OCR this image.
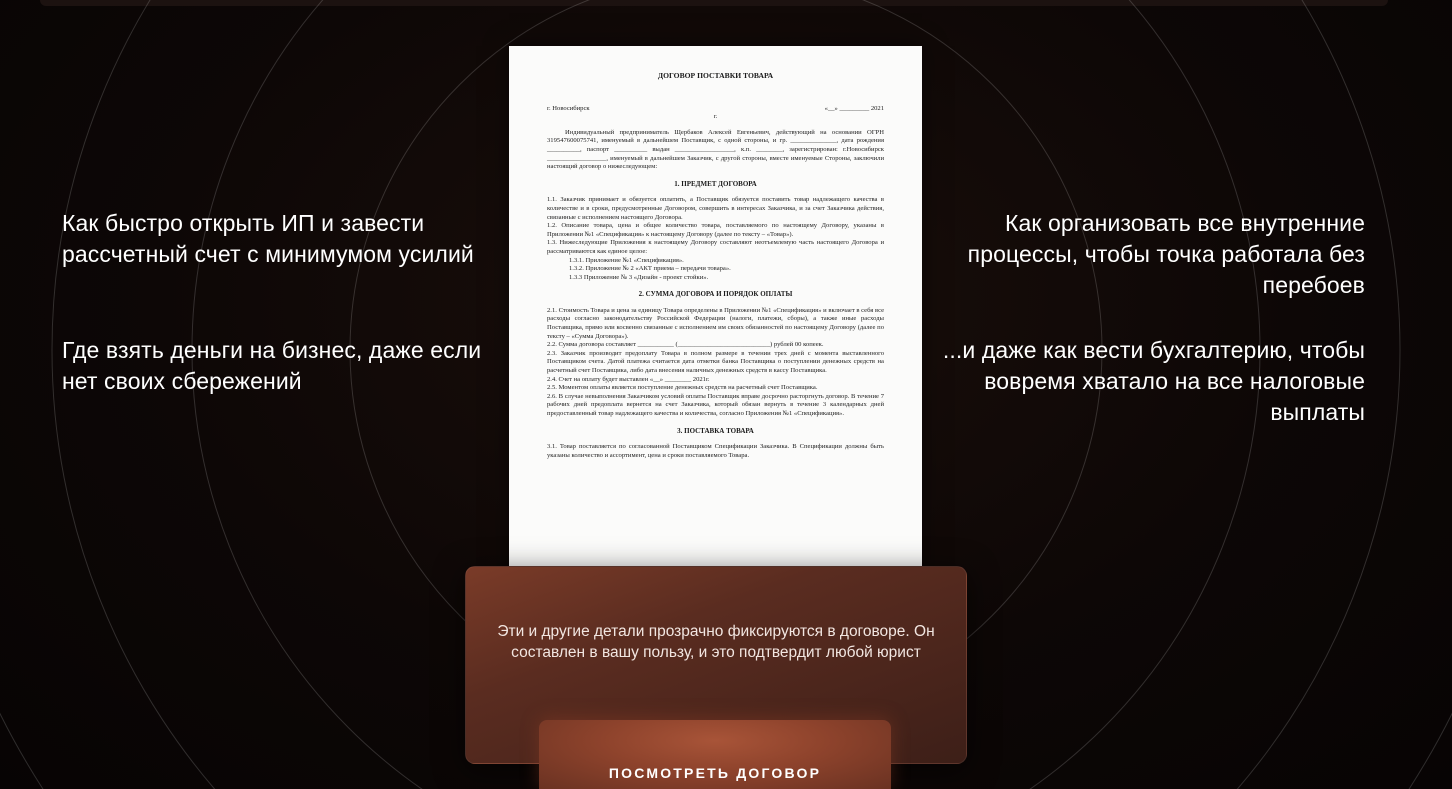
Как быстро открыть ИП и завести рассчетный счет с минимумом усилий
Где взять деньги на бизнес, даже если нет своих сбережений
Как организовать все внутренние процессы, чтобы точка работала без перебоев
...и даже как вести бухгалтерию, чтобы вовремя хватало на все налоговые выплаты
ДОГОВОР ПОСТАВКИ ТОВАРА
г. Новосибирск	«__» _________ 2021
г.

Индивидуальный предприниматель Щербаков Алексей Евгеньевич, действующий на основании ОГРН 319547600075741, именуемый в дальнейшем Поставщик, с одной стороны, и гр. ______________, дата рождения __________, паспорт __________ выдан __________________, к.п. ________, зарегистрирован: г.Новосибирск __________________, именуемый в дальнейшем Заказчик, с другой стороны, вместе именуемые Стороны, заключили настоящий договор о нижеследующем:

1. ПРЕДМЕТ ДОГОВОРА

1.1. Заказчик принимает и обязуется оплатить, а Поставщик обязуется поставить товар надлежащего качества в количестве и в сроки, предусмотренные Договором, совершить в интересах Заказчика, и за счет Заказчика действия, связанные с исполнением настоящего Договора.

1.2. Описание товара, цена и общее количество товара, поставляемого по настоящему Договору, указаны в Приложении №1 «Спецификация» к настоящему Договору (далее по тексту – «Товар»).

1.3. Нижеследующие Приложения к настоящему Договору составляют неотъемлемую часть настоящего Договора и рассматриваются как единое целое:

1.3.1. Приложение №1 «Спецификация».

1.3.2. Приложение № 2 «АКТ приема – передачи товара».

1.3.3 Приложение № 3 «Дизайн - проект стойки».

2. СУММА ДОГОВОРА И ПОРЯДОК ОПЛАТЫ

2.1. Стоимость Товара и цена за единицу Товара определены в Приложении №1 «Спецификация» и включает в себя все расходы согласно законодательству Российской Федерации (налоги, платежи, сборы), а также иные расходы Поставщика, прямо или косвенно связанные с исполнением им своих обязанностей по настоящему Договору (далее по тексту – «Сумма Договора»).

2.2. Сумма договора составляет ___________ (____________________________) рублей 00 копеек.

2.3. Заказчик производит предоплату Товара в полном размере в течении трех дней с момента выставленного Поставщиком счета. Датой платежа считается дата отметки банка Поставщика о поступлении денежных средств на расчетный счет Поставщика, либо дата внесения наличных денежных средств в кассу Поставщика.

2.4. Счет на оплату будет выставлен «__» ________ 2021г.

2.5. Моментом оплаты является поступление денежных средств на расчетный счет Поставщика.

2.6. В случае невыполнения Заказчиком условий оплаты Поставщик вправе досрочно расторгнуть договор. В течение 7 рабочих дней предоплата вернется на счет Заказчика, который обязан вернуть в течение 3 календарных дней предоставленный товар надлежащего качества и количества, согласно Приложения №1 «Спецификация».

3. ПОСТАВКА ТОВАРА

3.1. Товар поставляется по согласованной Поставщиком Спецификации Заказчика. В Спецификации должны быть указаны количество и ассортимент, цена и сроки поставляемого Товара.

Эти и другие детали прозрачно фиксируются в договоре. Он составлен в вашу пользу, и это подтвердит любой юрист
ПОСМОТРЕТЬ ДОГОВОР
